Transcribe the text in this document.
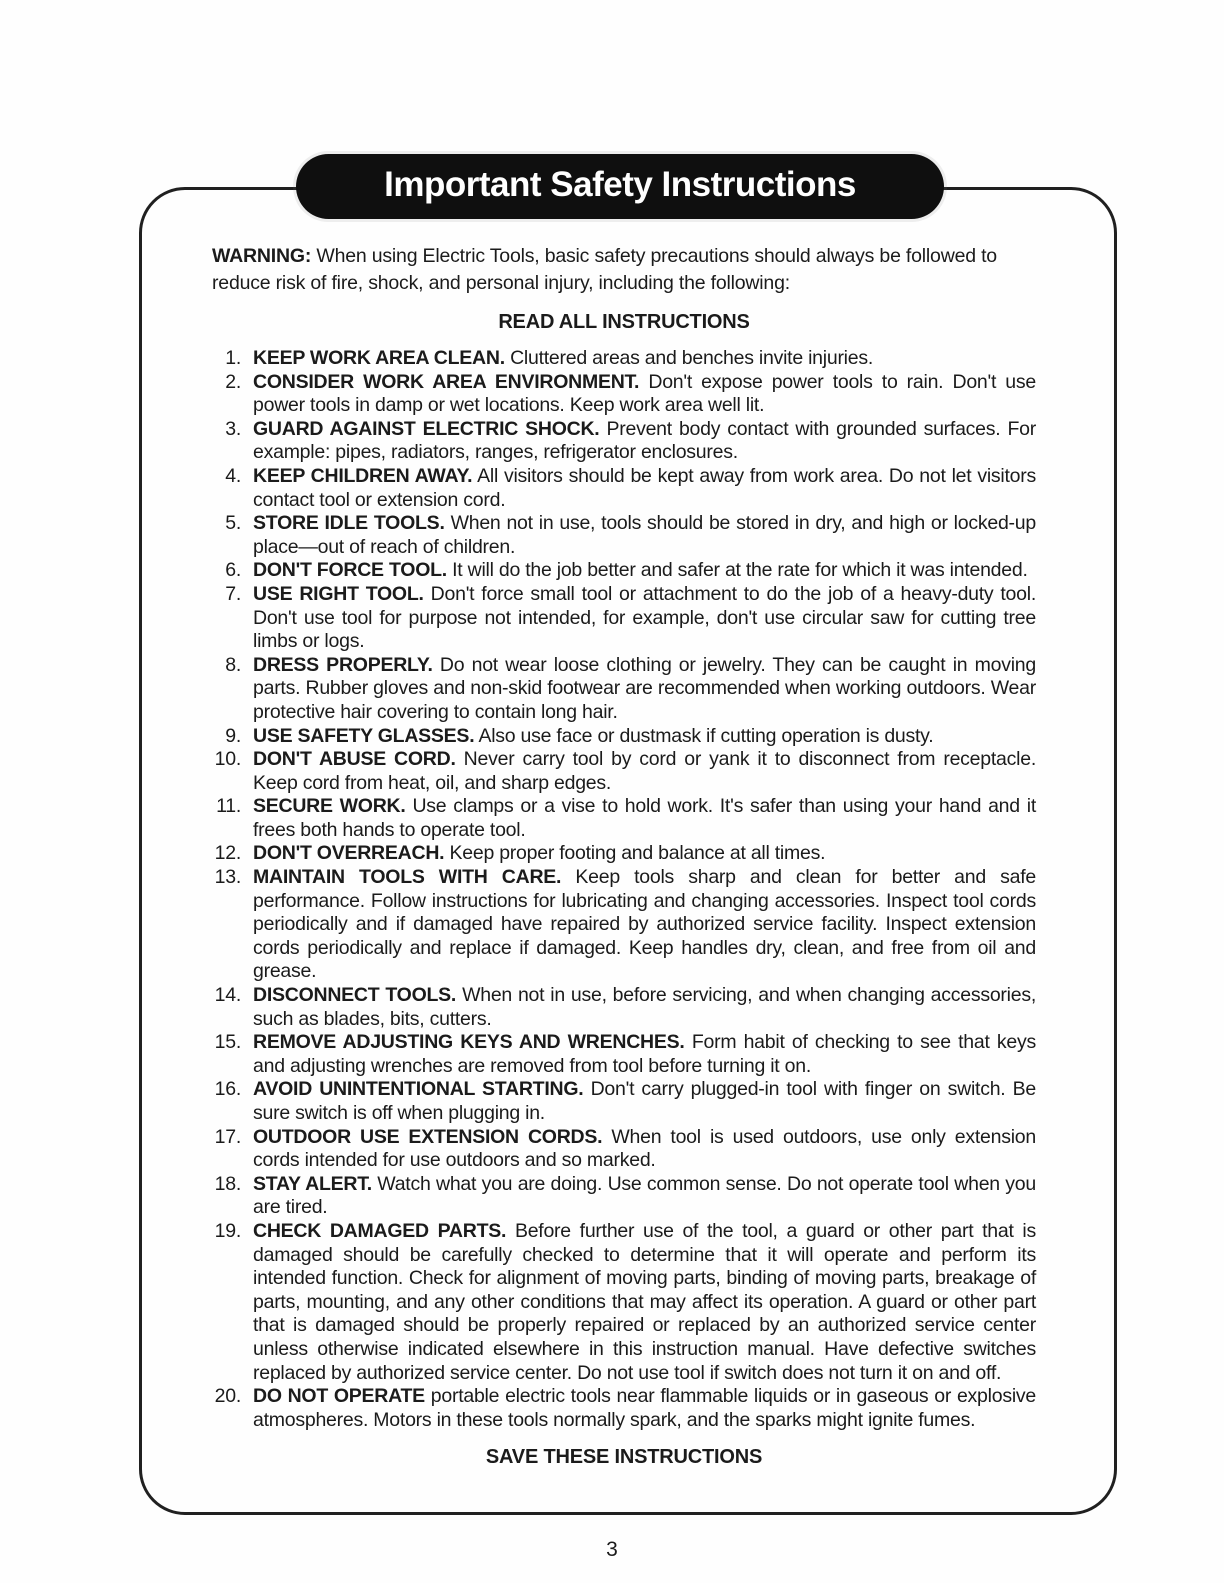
Important Safety Instructions

WARNING: When using Electric Tools, basic safety precautions should always be followed to reduce risk of fire, shock, and personal injury, including the following:

READ ALL INSTRUCTIONS
1. KEEP WORK AREA CLEAN. Cluttered areas and benches invite injuries.

2. CONSIDER WORK AREA ENVIRONMENT. Don't expose power tools to rain. Don't use power tools in damp or wet locations. Keep work area well lit.

3. GUARD AGAINST ELECTRIC SHOCK. Prevent body contact with grounded surfaces. For example: pipes, radiators, ranges, refrigerator enclosures.

4. KEEP CHILDREN AWAY. All visitors should be kept away from work area. Do not let visitors contact tool or extension cord.

5. STORE IDLE TOOLS. When not in use, tools should be stored in dry, and high or locked-up place—out of reach of children.

6. DON'T FORCE TOOL. It will do the job better and safer at the rate for which it was intended.

7. USE RIGHT TOOL. Don't force small tool or attachment to do the job of a heavy-duty tool. Don't use tool for purpose not intended, for example, don't use circular saw for cutting tree limbs or logs.

8. DRESS PROPERLY. Do not wear loose clothing or jewelry. They can be caught in moving parts. Rubber gloves and non-skid footwear are recommended when working outdoors. Wear protective hair covering to contain long hair.

9. USE SAFETY GLASSES. Also use face or dustmask if cutting operation is dusty.

10. DON'T ABUSE CORD. Never carry tool by cord or yank it to disconnect from receptacle. Keep cord from heat, oil, and sharp edges.

11. SECURE WORK. Use clamps or a vise to hold work. It's safer than using your hand and it frees both hands to operate tool.

12. DON'T OVERREACH. Keep proper footing and balance at all times.

13. MAINTAIN TOOLS WITH CARE. Keep tools sharp and clean for better and safe performance. Follow instructions for lubricating and changing accessories. Inspect tool cords periodically and if damaged have repaired by authorized service facility. Inspect extension cords periodically and replace if damaged. Keep handles dry, clean, and free from oil and grease.

14. DISCONNECT TOOLS. When not in use, before servicing, and when changing accessories, such as blades, bits, cutters.

15. REMOVE ADJUSTING KEYS AND WRENCHES. Form habit of checking to see that keys and adjusting wrenches are removed from tool before turning it on.

16. AVOID UNINTENTIONAL STARTING. Don't carry plugged-in tool with finger on switch. Be sure switch is off when plugging in.

17. OUTDOOR USE EXTENSION CORDS. When tool is used outdoors, use only extension cords intended for use outdoors and so marked.

18. STAY ALERT. Watch what you are doing. Use common sense. Do not operate tool when you are tired.

19. CHECK DAMAGED PARTS. Before further use of the tool, a guard or other part that is damaged should be carefully checked to determine that it will operate and perform its intended function. Check for alignment of moving parts, binding of moving parts, breakage of parts, mounting, and any other conditions that may affect its operation. A guard or other part that is damaged should be properly repaired or replaced by an authorized service center unless otherwise indicated elsewhere in this instruction manual. Have defective switches replaced by authorized service center. Do not use tool if switch does not turn it on and off.

20. DO NOT OPERATE portable electric tools near flammable liquids or in gaseous or explosive atmospheres. Motors in these tools normally spark, and the sparks might ignite fumes.

SAVE THESE INSTRUCTIONS
3
